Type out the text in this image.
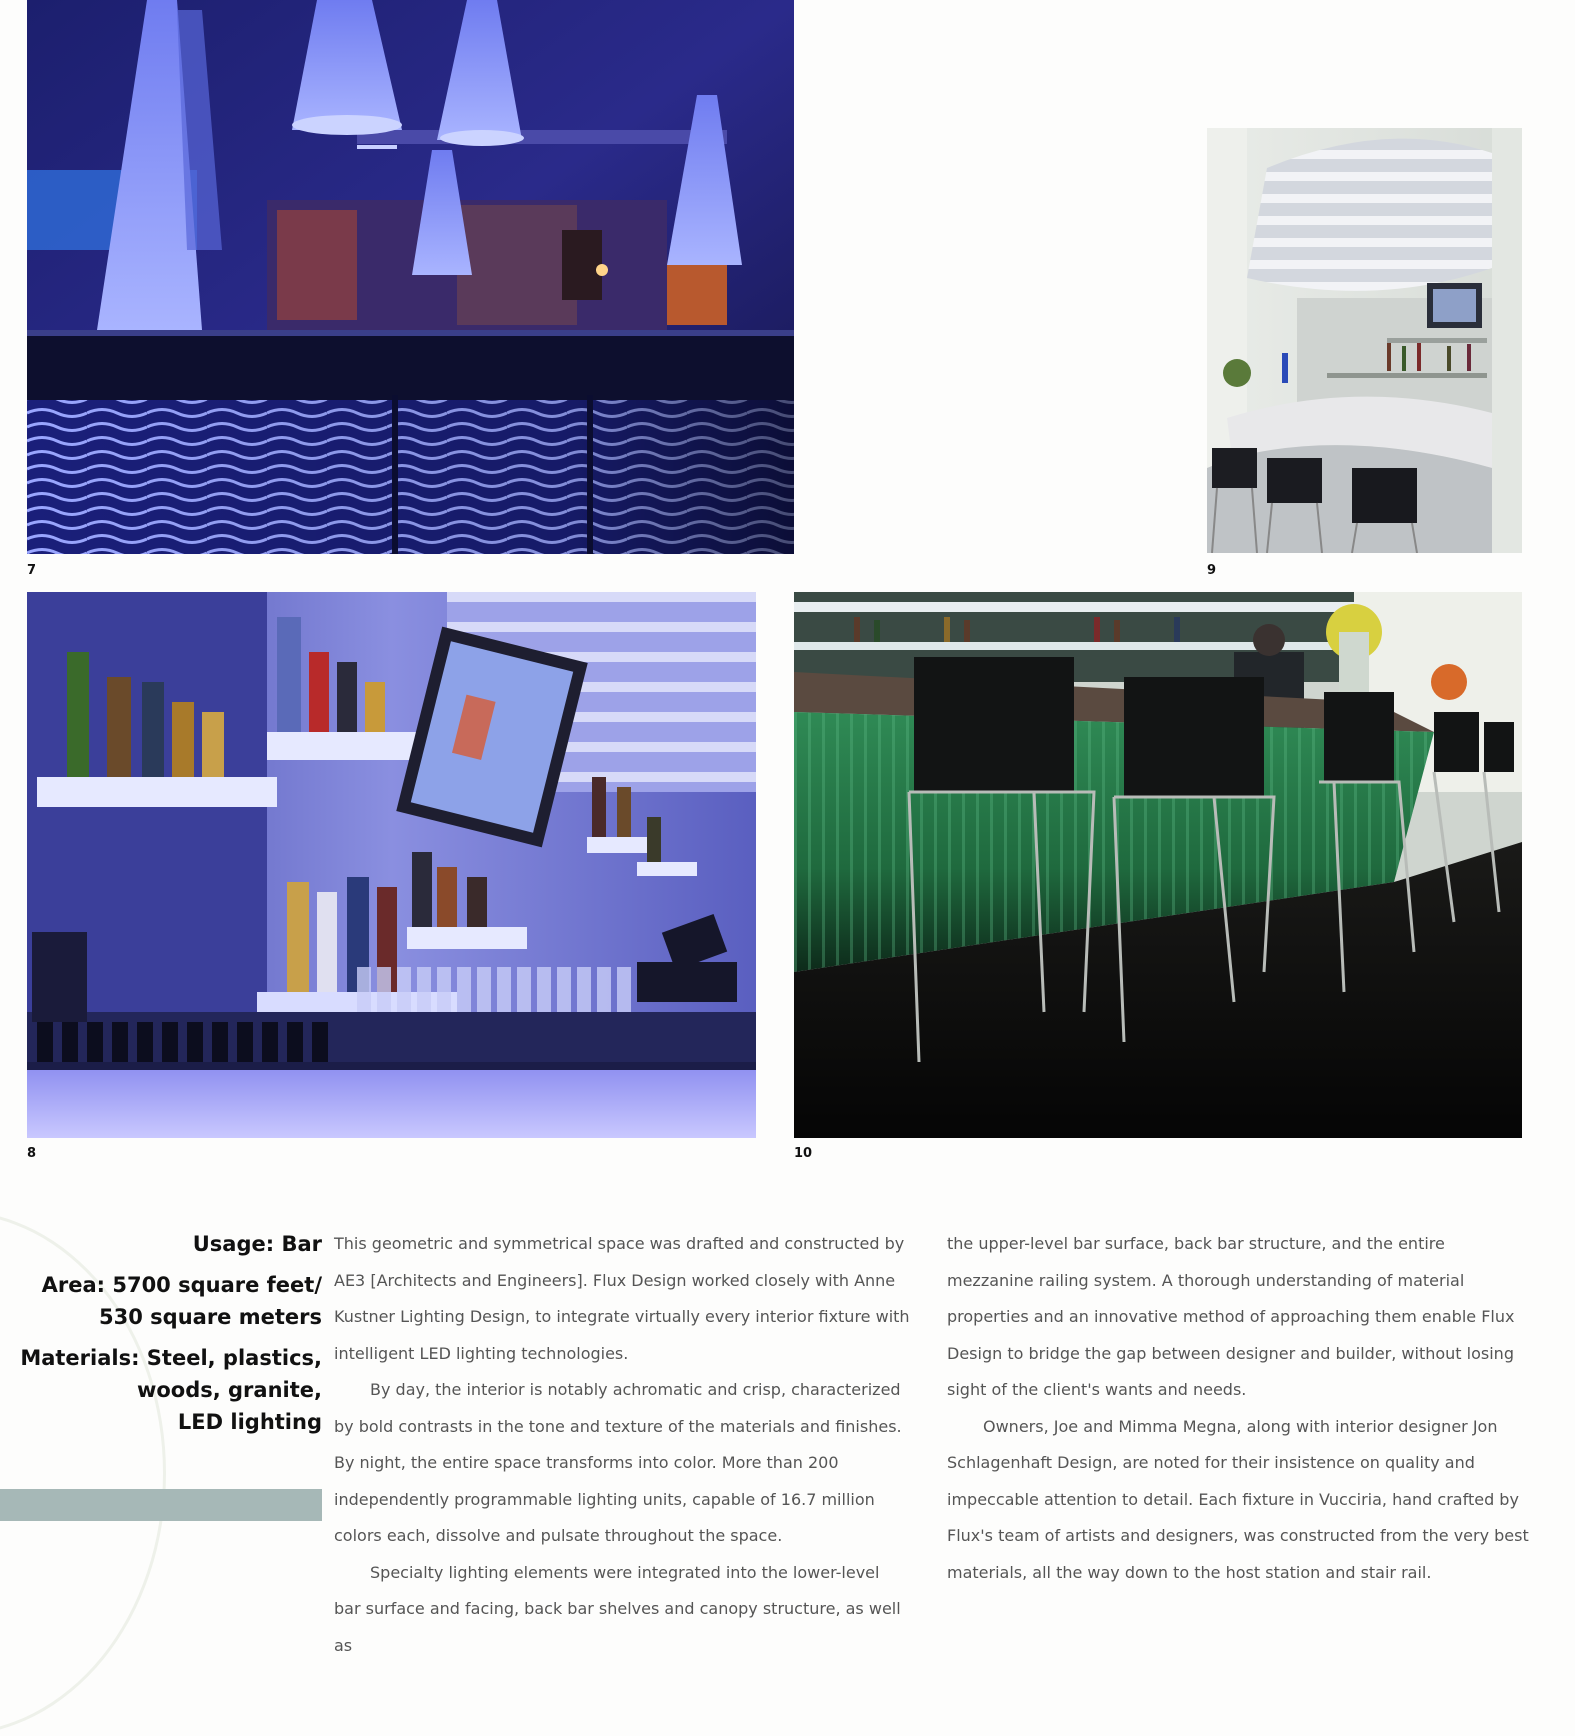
7	9
8	10

Usage: Bar

Area: 5700 square feet/
530 square meters

Materials: Steel, plastics,
woods, granite,
LED lighting

This geometric and symmetrical space was drafted and constructed by AE3 [Architects and Engineers]. Flux Design worked closely with Anne Kustner Lighting Design, to integrate virtually every interior fixture with intelligent LED lighting technologies.

By day, the interior is notably achromatic and crisp, characterized by bold contrasts in the tone and texture of the materials and finishes. By night, the entire space transforms into color. More than 200 independently programmable lighting units, capable of 16.7 million colors each, dissolve and pulsate throughout the space.

Specialty lighting elements were integrated into the lower-level bar surface and facing, back bar shelves and canopy structure, as well as

the upper-level bar surface, back bar structure, and the entire mezzanine railing system. A thorough understanding of material properties and an innovative method of approaching them enable Flux Design to bridge the gap between designer and builder, without losing sight of the client's wants and needs.

Owners, Joe and Mimma Megna, along with interior designer Jon Schlagenhaft Design, are noted for their insistence on quality and impeccable attention to detail. Each fixture in Vucciria, hand crafted by Flux's team of artists and designers, was constructed from the very best materials, all the way down to the host station and stair rail.
